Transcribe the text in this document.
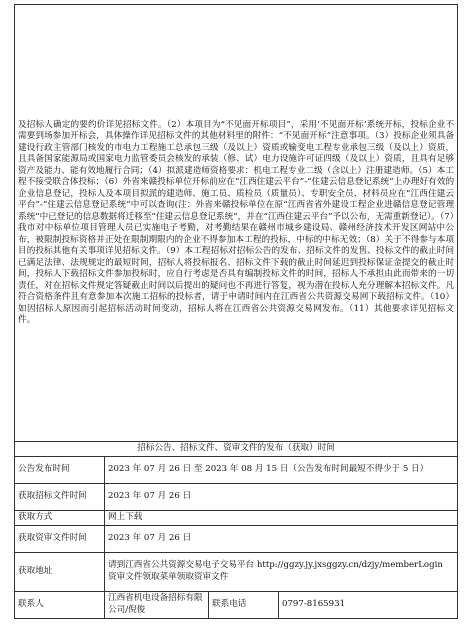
及招标人确定的要约价详见招标文件。（2）本项目为“不见面开标项目”，采用‘不见面开标’系统开标，投标企业不需要到场参加开标会，具体操作详见招标文件的其他材料里的附件：“不见面开标”注意事项。（3）投标企业须具备建设行政主管部门核发的市电力工程施工总承包三级（及以上）资质或输变电工程专业承包三级（及以上）资质，且具备国家能源局或国家电力监管委员会核发的承装（修、试）电力设施许可证四级（及以上）资质，且具有足够资产及能力、能有效地履行合同；（4）拟派建造师资格要求：机电工程专业二级（含以上）注册建造师。（5）本工程不接受联合体投标；（6）外省来赣投标单位开标前应在“江西住建云平台”-“住建云信息登记系统”上办理好有效的企业信息登记，投标人及本项目拟派的建造师、施工员、质检员（质量员）、专职安全员、材料员应在“江西住建云平台”-“住建云信息登记系统”中可以查询(注：外省来赣投标单位在原“江西省省外建设工程企业进赣信息登记管理系统”中已登记的信息数据将迁移至“住建云信息登记系统”，并在“江西住建云平台”予以公布，无需重新登记）。（7）我市对中标单位项目管理人员已实施电子考勤，对考勤结果在赣州市城乡建设局、赣州经济技术开发区网站中公布，被限制投标资格并正处在限制期限内的企业不得参加本工程的投标，中标的中标无效；（8）关于不得参与本项目的投标其他有关事项详见招标文件。（9）本工程招标对招标公告的发布、招标文件的发售、投标文件的截止时间已满足法律、法规规定的最短时间，招标人将投标报名、招标文件下载的截止时间延迟到投标保证金提交的截止时间，投标人下载招标文件参加投标时，应自行考虑是否具有编制投标文件的时间，招标人不承担由此而带来的一切责任，对在招标文件规定答疑截止时间以后提出的疑问也不再进行答复，视为潜在投标人充分理解本招标文件。凡符合资格条件且有意参加本次施工招标的投标者，请于申请时间内在江西省公共资源交易网下载招标文件。（10）如因招标人原因而引起招标活动时间变动，招标人将在江西省公共资源交易网发布。（11）其他要求详见招标文件。			
招标公告、招标文件、资审文件的发布（获取）时间			
公告发布时间	2023 年 07 月 26 日 至 2023 年 08 月 15 日（公告发布时间最短不得少于 5 日）		
获取招标文件时间	2023 年 07 月 26 日		
获取方式	网上下载		
获取资审文件时间	2023 年 07 月 26 日		
获取地址	请到江西省公共资源交易电子交易平台 http://ggzy.jy.jxsggzy.cn/dzjy/memberLogin 资审文件领取菜单领取资审文件		
联系人	江西省机电设备招标有限公司/倪俊	联系电话	0797-8165931
